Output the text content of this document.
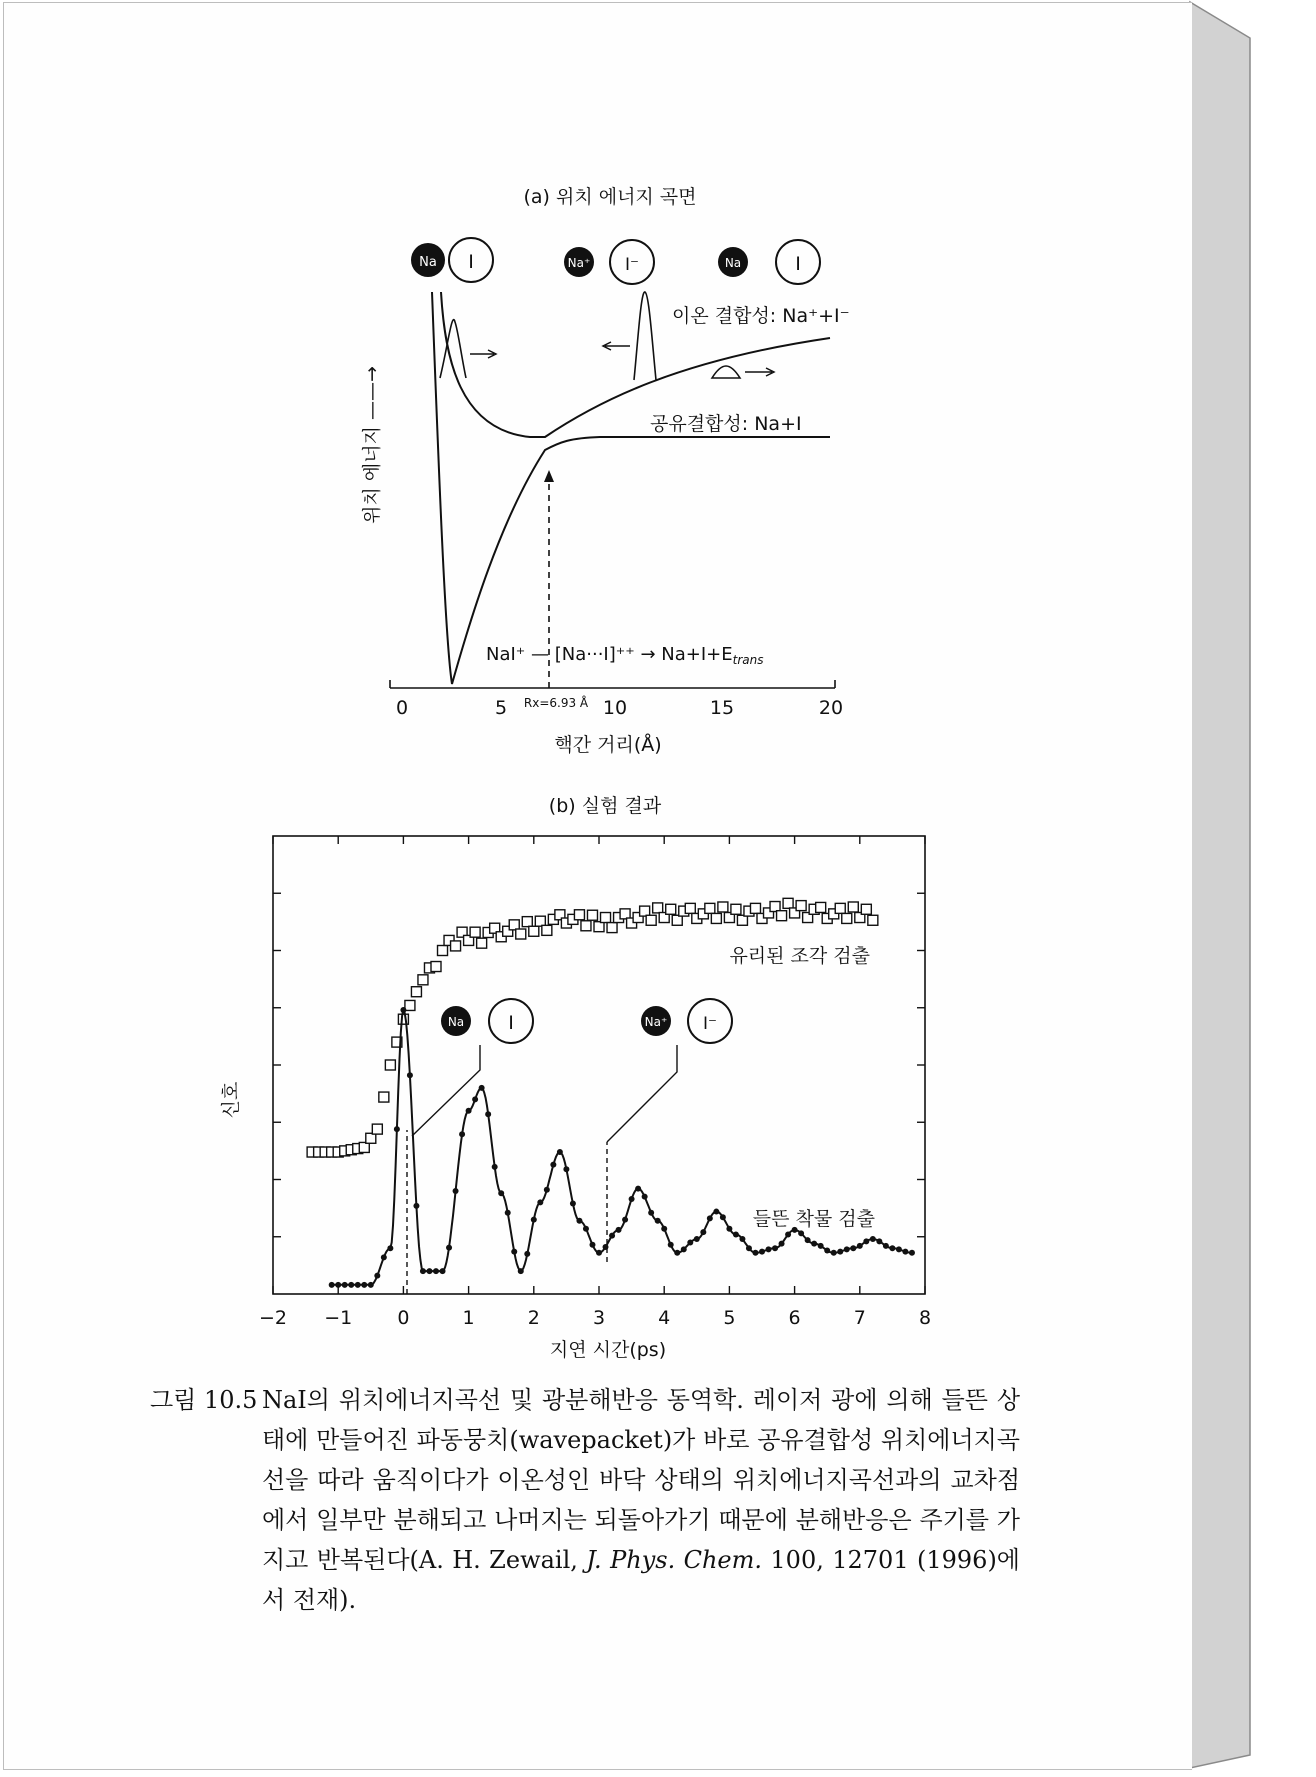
(a) 위치 에너지 곡면
Na I	Na⁺ I⁻	Na	I
이온 결합성: Na⁺+I⁻
공유결합성: Na+I
위치 에너지 ——→
NaI⁺ — $[Na\cdot\cdot\cdot I]^{++} \to Na+I+E_{trans}$
0	5	10	15	20
Rx=6.93 Å
핵간 거리(Å)
(b) 실험 결과
Na I	Na⁺ I⁻
유리된 조각 검출
들뜬 착물 검출
신호
−2 −1 0	1	2	3	4	5	6	7	8
지연 시간(ps)
그림 10.5 NaI의 위치에너지곡선 및 광분해반응 동역학. 레이저 광에 의해 들뜬 상태에 만들어진 파동뭉치(wavepacket)가 바로 공유결합성 위치에너지곡선을 따라 움직이다가 이온성인 바닥 상태의 위치에너지곡선과의 교차점에서 일부만 분해되고 나머지는 되돌아가기 때문에 분해반응은 주기를 가지고 반복된다(A. H. Zewail, J. Phys. Chem. 100, 12701 (1996)에서 전재).
